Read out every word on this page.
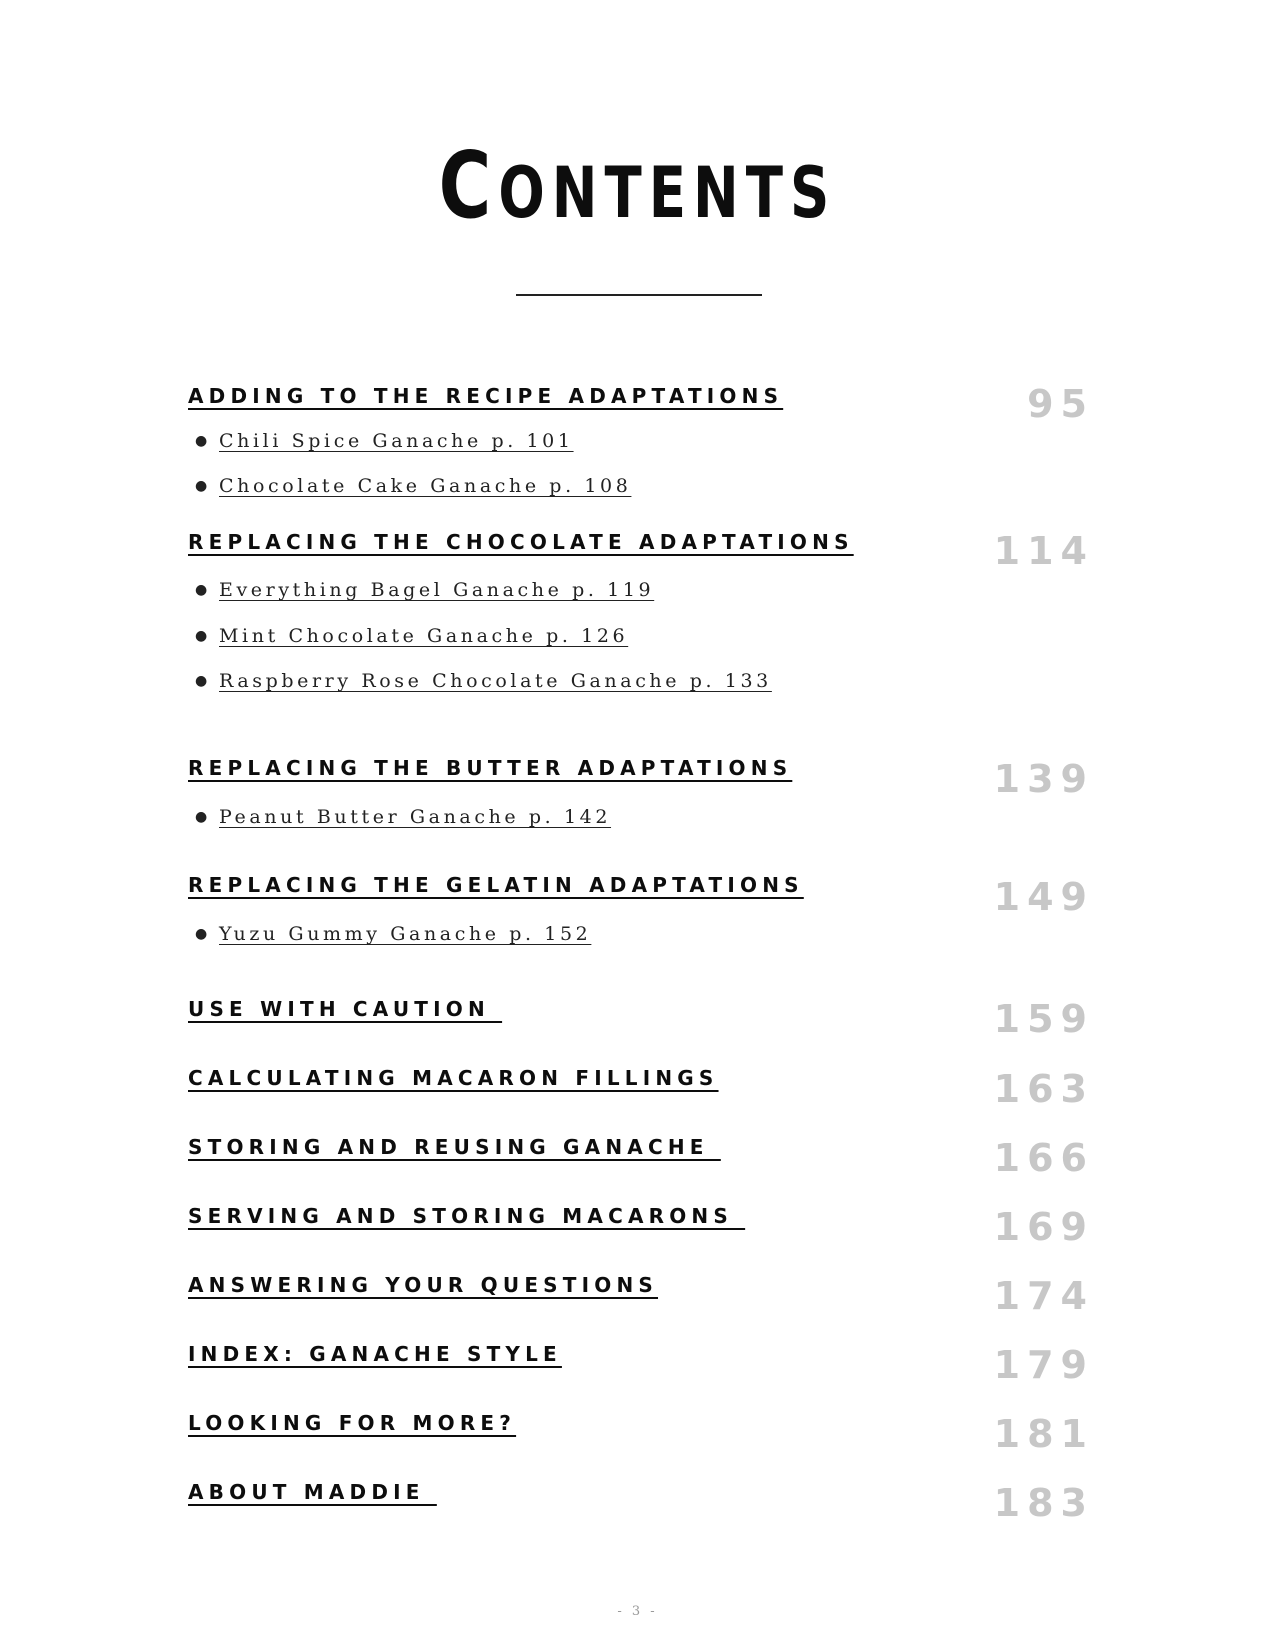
CONTENTS
ADDING TO THE RECIPE ADAPTATIONS	95
● Chili Spice Ganache p. 101
● Chocolate Cake Ganache p. 108
REPLACING THE CHOCOLATE ADAPTATIONS	114
● Everything Bagel Ganache p. 119
● Mint Chocolate Ganache p. 126
● Raspberry Rose Chocolate Ganache p. 133
REPLACING THE BUTTER ADAPTATIONS	139
● Peanut Butter Ganache p. 142
REPLACING THE GELATIN ADAPTATIONS	149
● Yuzu Gummy Ganache p. 152
USE WITH CAUTION	159
CALCULATING MACARON FILLINGS	163
STORING AND REUSING GANACHE	166
SERVING AND STORING MACARONS	169
ANSWERING YOUR QUESTIONS	174
INDEX: GANACHE STYLE	179
LOOKING FOR MORE?	181
ABOUT MADDIE	183
- 3 -
